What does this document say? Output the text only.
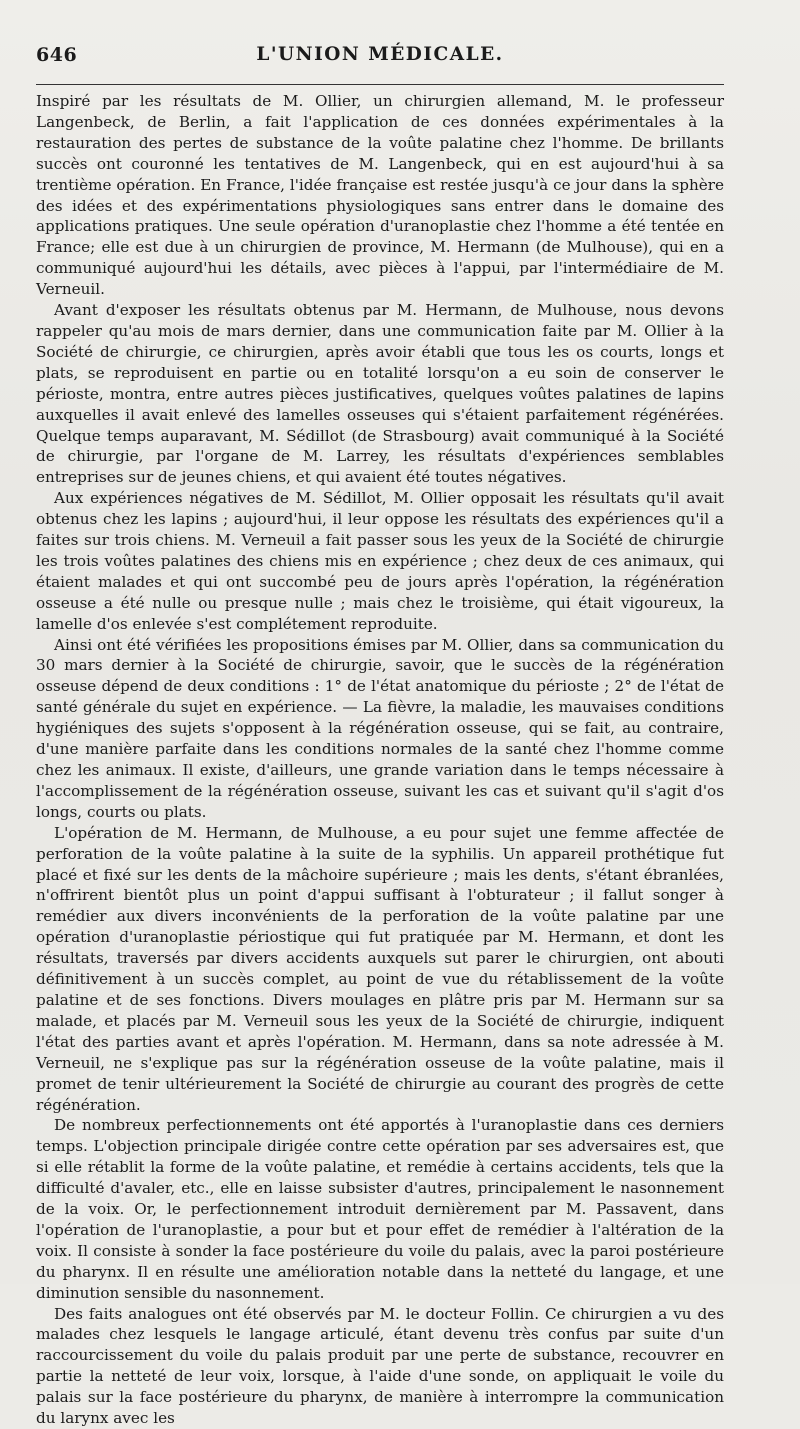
646	L'UNION MÉDICALE.

Inspiré par les résultats de M. Ollier, un chirurgien allemand, M. le professeur Langenbeck, de Berlin, a fait l'application de ces données expérimentales à la restauration des pertes de substance de la voûte palatine chez l'homme. De brillants succès ont couronné les tentatives de M. Langenbeck, qui en est aujourd'hui à sa trentième opération. En France, l'idée française est restée jusqu'à ce jour dans la sphère des idées et des expérimentations physiologiques sans entrer dans le domaine des applications pratiques. Une seule opération d'uranoplastie chez l'homme a été tentée en France; elle est due à un chirurgien de province, M. Hermann (de Mulhouse), qui en a communiqué aujourd'hui les détails, avec pièces à l'appui, par l'intermédiaire de M. Verneuil.

Avant d'exposer les résultats obtenus par M. Hermann, de Mulhouse, nous devons rappeler qu'au mois de mars dernier, dans une communication faite par M. Ollier à la Société de chirurgie, ce chirurgien, après avoir établi que tous les os courts, longs et plats, se reproduisent en partie ou en totalité lorsqu'on a eu soin de conserver le périoste, montra, entre autres pièces justificatives, quelques voûtes palatines de lapins auxquelles il avait enlevé des lamelles osseuses qui s'étaient parfaitement régénérées. Quelque temps auparavant, M. Sédillot (de Strasbourg) avait communiqué à la Société de chirurgie, par l'organe de M. Larrey, les résultats d'expériences semblables entreprises sur de jeunes chiens, et qui avaient été toutes négatives.

Aux expériences négatives de M. Sédillot, M. Ollier opposait les résultats qu'il avait obtenus chez les lapins ; aujourd'hui, il leur oppose les résultats des expériences qu'il a faites sur trois chiens. M. Verneuil a fait passer sous les yeux de la Société de chirurgie les trois voûtes palatines des chiens mis en expérience ; chez deux de ces animaux, qui étaient malades et qui ont succombé peu de jours après l'opération, la régénération osseuse a été nulle ou presque nulle ; mais chez le troisième, qui était vigoureux, la lamelle d'os enlevée s'est complétement reproduite.

Ainsi ont été vérifiées les propositions émises par M. Ollier, dans sa communication du 30 mars dernier à la Société de chirurgie, savoir, que le succès de la régénération osseuse dépend de deux conditions : 1° de l'état anatomique du périoste ; 2° de l'état de santé générale du sujet en expérience. — La fièvre, la maladie, les mauvaises conditions hygiéniques des sujets s'opposent à la régénération osseuse, qui se fait, au contraire, d'une manière parfaite dans les conditions normales de la santé chez l'homme comme chez les animaux. Il existe, d'ailleurs, une grande variation dans le temps nécessaire à l'accomplissement de la régénération osseuse, suivant les cas et suivant qu'il s'agit d'os longs, courts ou plats.

L'opération de M. Hermann, de Mulhouse, a eu pour sujet une femme affectée de perforation de la voûte palatine à la suite de la syphilis. Un appareil prothétique fut placé et fixé sur les dents de la mâchoire supérieure ; mais les dents, s'étant ébranlées, n'offrirent bientôt plus un point d'appui suffisant à l'obturateur ; il fallut songer à remédier aux divers inconvénients de la perforation de la voûte palatine par une opération d'uranoplastie périostique qui fut pratiquée par M. Hermann, et dont les résultats, traversés par divers accidents auxquels sut parer le chirurgien, ont abouti définitivement à un succès complet, au point de vue du rétablissement de la voûte palatine et de ses fonctions. Divers moulages en plâtre pris par M. Hermann sur sa malade, et placés par M. Verneuil sous les yeux de la Société de chirurgie, indiquent l'état des parties avant et après l'opération. M. Hermann, dans sa note adressée à M. Verneuil, ne s'explique pas sur la régénération osseuse de la voûte palatine, mais il promet de tenir ultérieurement la Société de chirurgie au courant des progrès de cette régénération.

De nombreux perfectionnements ont été apportés à l'uranoplastie dans ces derniers temps. L'objection principale dirigée contre cette opération par ses adversaires est, que si elle rétablit la forme de la voûte palatine, et remédie à certains accidents, tels que la difficulté d'avaler, etc., elle en laisse subsister d'autres, principalement le nasonnement de la voix. Or, le perfectionnement introduit dernièrement par M. Passavent, dans l'opération de l'uranoplastie, a pour but et pour effet de remédier à l'altération de la voix. Il consiste à sonder la face postérieure du voile du palais, avec la paroi postérieure du pharynx. Il en résulte une amélioration notable dans la netteté du langage, et une diminution sensible du nasonnement.

Des faits analogues ont été observés par M. le docteur Follin. Ce chirurgien a vu des malades chez lesquels le langage articulé, étant devenu très confus par suite d'un raccourcissement du voile du palais produit par une perte de substance, recouvrer en partie la netteté de leur voix, lorsque, à l'aide d'une sonde, on appliquait le voile du palais sur la face postérieure du pharynx, de manière à interrompre la communication du larynx avec les
